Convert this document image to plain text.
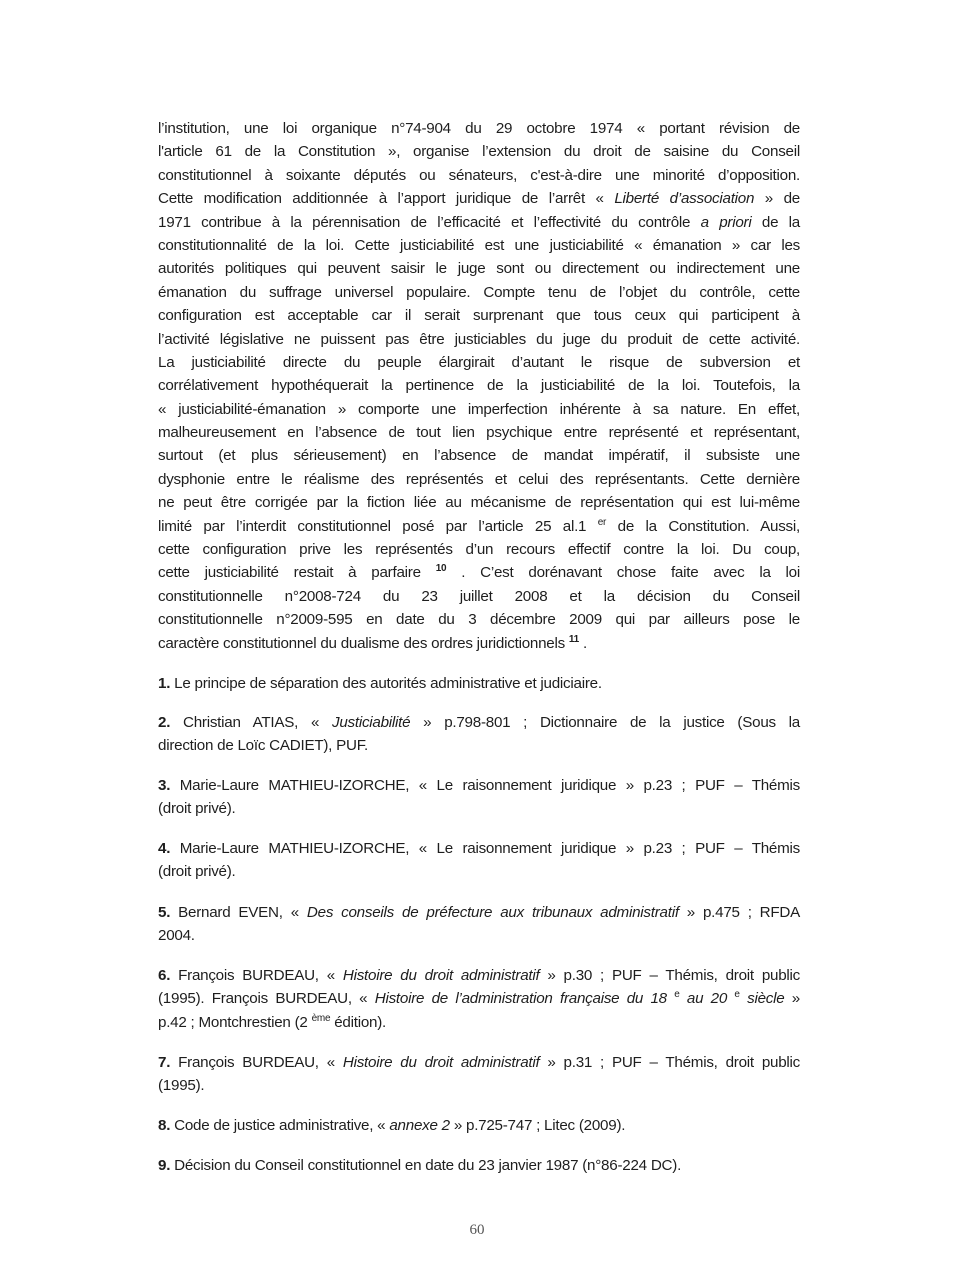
l’institution, une loi organique n°74-904 du 29 octobre 1974 « portant révision de
l'article 61 de la Constitution », organise l’extension du droit de saisine du Conseil
constitutionnel à soixante députés ou sénateurs, c'est-à-dire une minorité d’opposition.
Cette modification additionnée à l’apport juridique de l’arrêt « Liberté d’association » de
1971 contribue à la pérennisation de l’efficacité et l’effectivité du contrôle a priori de la
constitutionnalité de la loi. Cette justiciabilité est une justiciabilité « émanation » car les
autorités politiques qui peuvent saisir le juge sont ou directement ou indirectement une
émanation du suffrage universel populaire. Compte tenu de l’objet du contrôle, cette
configuration est acceptable car il serait surprenant que tous ceux qui participent à
l’activité législative ne puissent pas être justiciables du juge du produit de cette activité.
La justiciabilité directe du peuple élargirait d’autant le risque de subversion et
corrélativement hypothéquerait la pertinence de la justiciabilité de la loi. Toutefois, la
« justiciabilité-émanation » comporte une imperfection inhérente à sa nature. En effet,
malheureusement en l’absence de tout lien psychique entre représenté et représentant,
surtout (et plus sérieusement) en l’absence de mandat impératif, il subsiste une
dysphonie entre le réalisme des représentés et celui des représentants. Cette dernière
ne peut être corrigée par la fiction liée au mécanisme de représentation qui est lui-même
limité par l’interdit constitutionnel posé par l’article 25 al.1 $^{er}$ de la Constitution. Aussi,
cette configuration prive les représentés d’un recours effectif contre la loi. Du coup,
cette justiciabilité restait à parfaire $^{10}$ . C’est dorénavant chose faite avec la loi
constitutionnelle n°2008-724 du 23 juillet 2008 et la décision du Conseil
constitutionnelle n°2009-595 en date du 3 décembre 2009 qui par ailleurs pose le
caractère constitutionnel du dualisme des ordres juridictionnels $^{11}$ .
1. Le principe de séparation des autorités administrative et judiciaire.
2. Christian ATIAS, « Justiciabilité » p.798-801 ; Dictionnaire de la justice (Sous la
direction de Loïc CADIET), PUF.
3. Marie-Laure MATHIEU-IZORCHE, « Le raisonnement juridique » p.23 ; PUF – Thémis
(droit privé).
4. Marie-Laure MATHIEU-IZORCHE, « Le raisonnement juridique » p.23 ; PUF – Thémis
(droit privé).
5. Bernard EVEN, « Des conseils de préfecture aux tribunaux administratif » p.475 ; RFDA
2004.
6. François BURDEAU, « Histoire du droit administratif » p.30 ; PUF – Thémis, droit public
(1995). François BURDEAU, « Histoire de l’administration française du 18 $^e$ au 20 $^e$ siècle »
p.42 ; Montchrestien (2 $^{ème}$ édition).
7. François BURDEAU, « Histoire du droit administratif » p.31 ; PUF – Thémis, droit public
(1995).
8. Code de justice administrative, « annexe 2 » p.725-747 ; Litec (2009).
9. Décision du Conseil constitutionnel en date du 23 janvier 1987 (n°86-224 DC).
60
